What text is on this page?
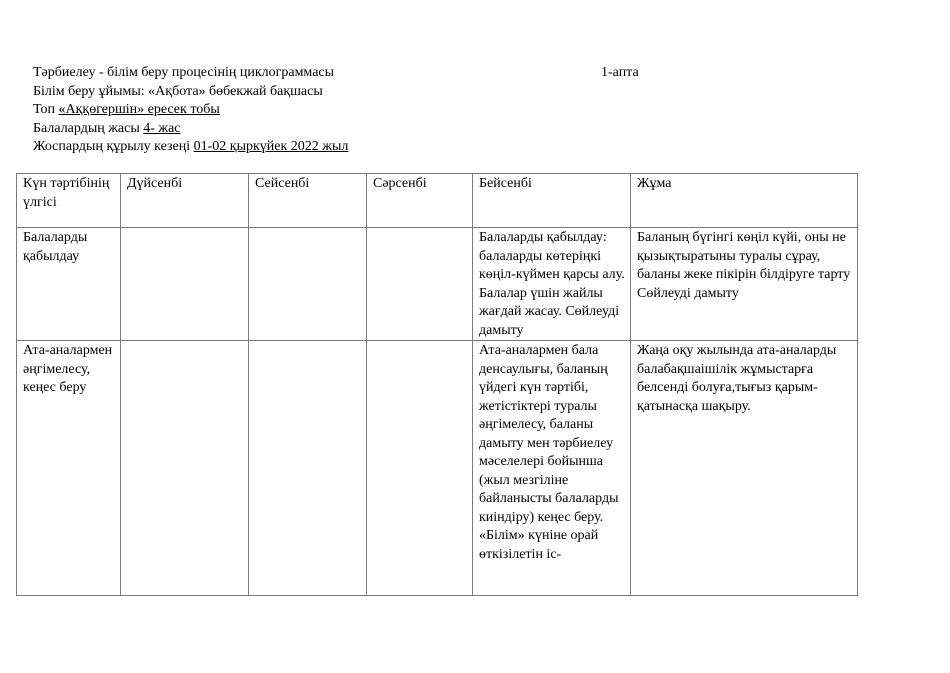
Тәрбиелеу - білім беру процесінің циклограммасы	1-апта
Білім беру ұйымы: «Ақбота» бөбекжай бақшасы
Топ «Аққөгершін» ересек тобы
Балалардың жасы 4- жас
Жоспардың құрылу кезеңі 01-02 қыркүйек 2022 жыл
Күн тәртібінің үлгісі	Дүйсенбі	Сейсенбі	Сәрсенбі	Бейсенбі	Жұма
Балаларды қабылдау				Балаларды қабылдау: балаларды көтеріңкі көңіл-күймен қарсы алу. Балалар үшін жайлы жағдай жасау. Сөйлеуді дамыту	Баланың бүгінгі көңіл күйі, оны не қызықтыратыны туралы сұрау, баланы жеке пікірін білдіруге тарту Сөйлеуді дамыту
Ата-аналармен әңгімелесу, кеңес беру				Ата-аналармен бала денсаулығы, баланың үйдегі күн тәртібі, жетістіктері туралы әңгімелесу, баланы дамыту мен тәрбиелеу мәселелері бойынша (жыл мезгіліне байланысты балаларды киіндіру) кеңес беру. «Білім» күніне орай өткізілетін іс-	Жаңа оқу жылында ата-аналарды балабақшаішілік жұмыстарға белсенді болуға,тығыз қарым-қатынасқа шақыру.
